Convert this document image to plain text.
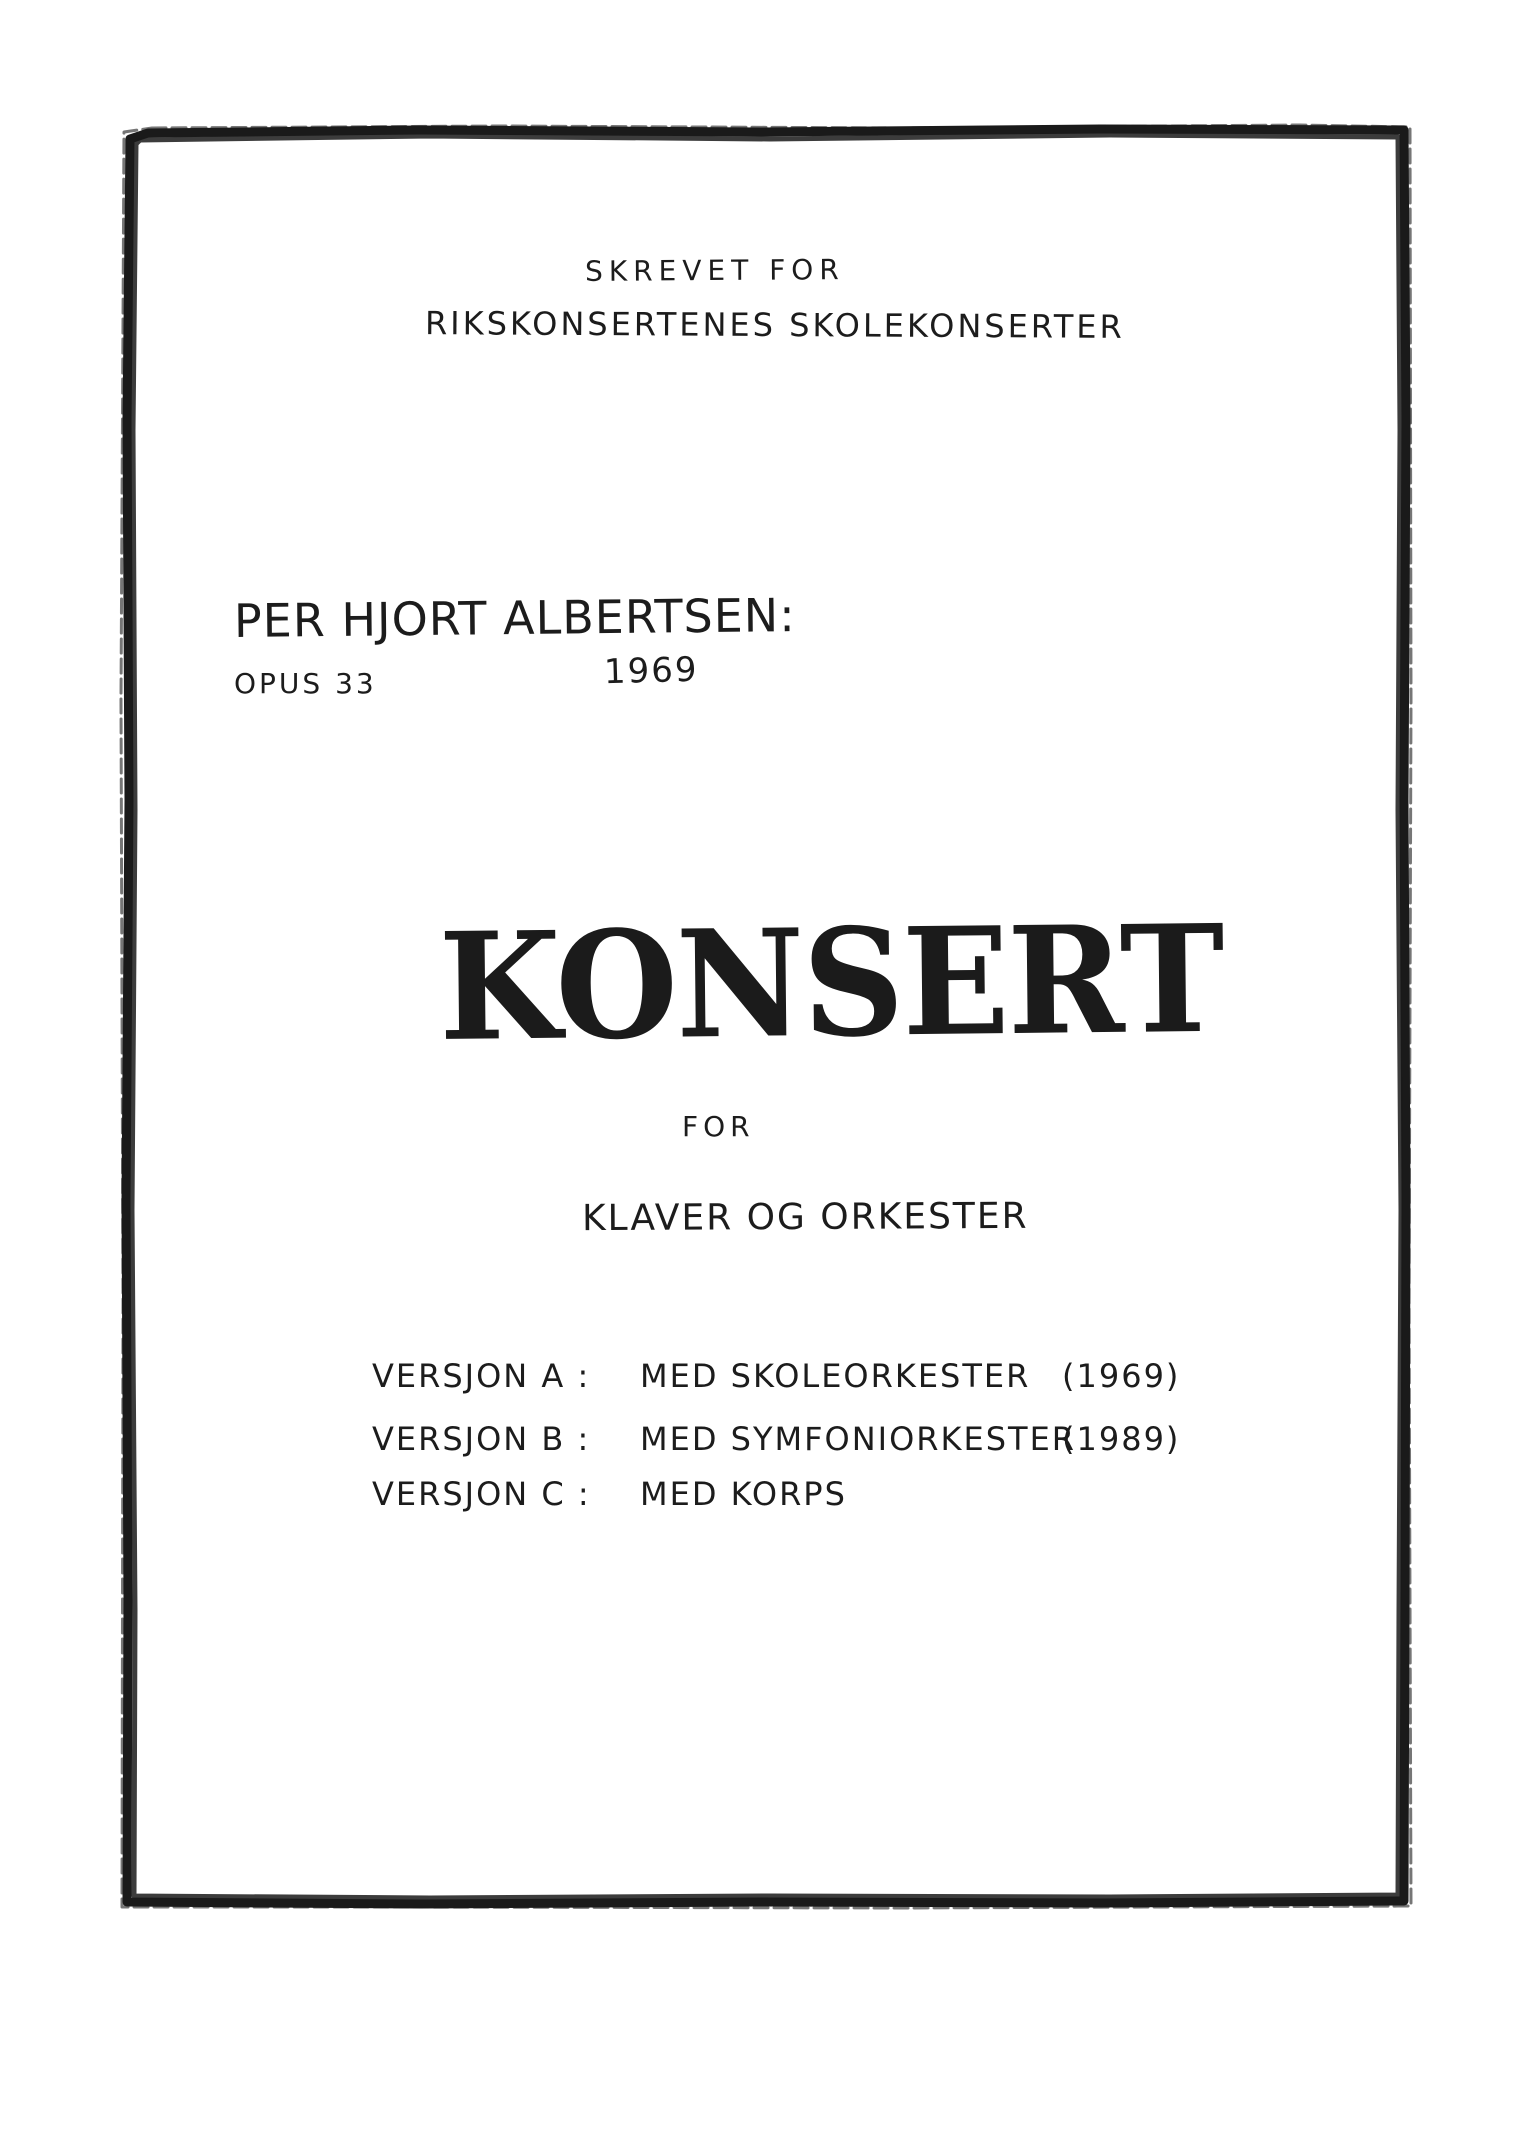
SKREVET FOR
RIKSKONSERTENES SKOLEKONSERTER
PER HJORT ALBERTSEN:
OPUS 33	1969
KONSERT
FOR
KLAVER OG ORKESTER
VERSJON A : MED SKOLEORKESTER (1969)
VERSJON B : MED SYMFONIORKESTER
(1989)
VERSJON C : MED KORPS
